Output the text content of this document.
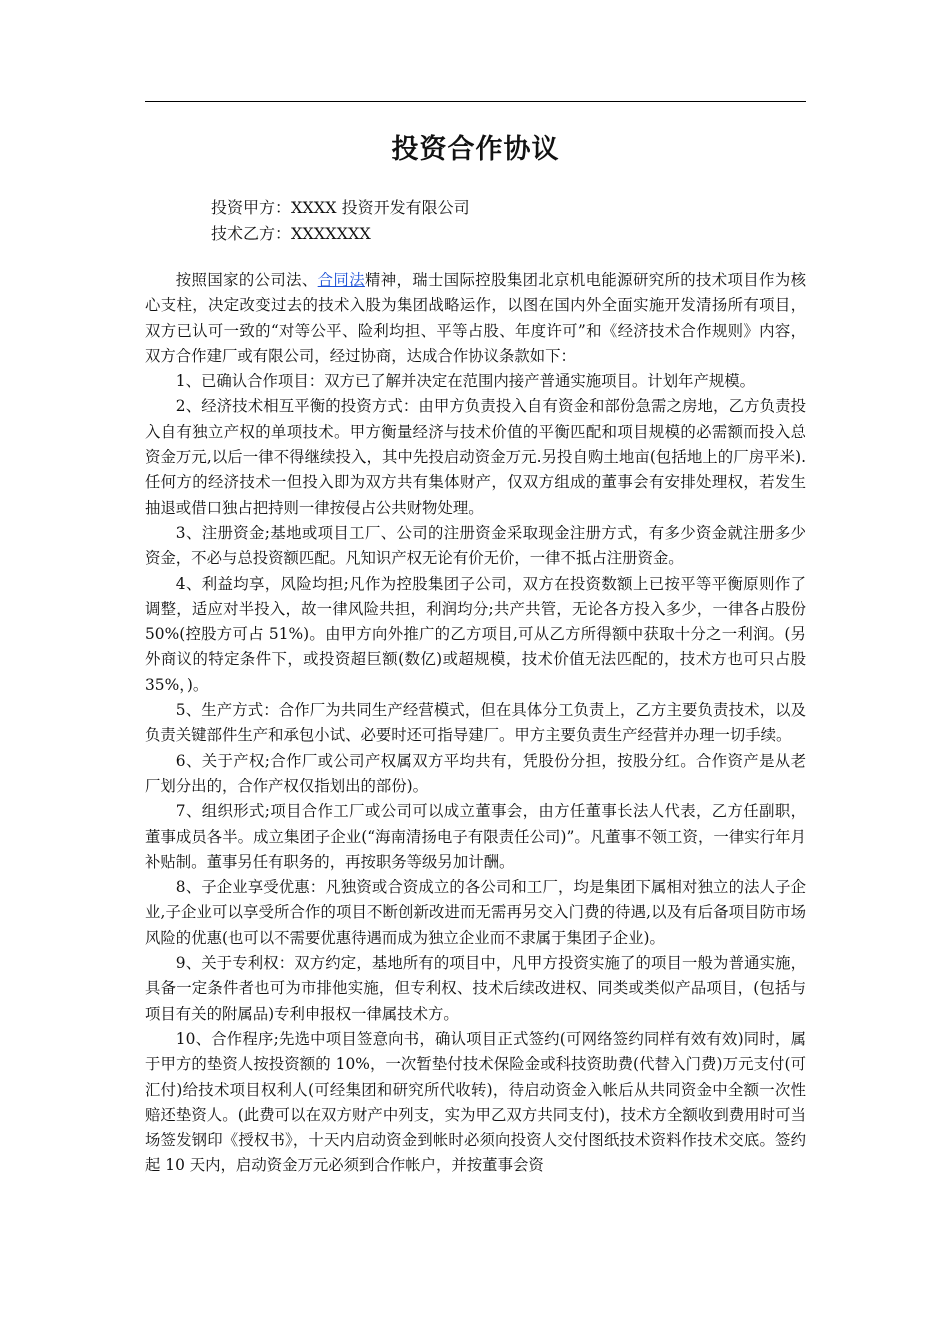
投资合作协议
投资甲方：XXXX 投资开发有限公司
技术乙方：XXXXXXX

按照国家的公司法、合同法精神，瑞士国际控股集团北京机电能源研究所的技术项目作为核心支柱，决定改变过去的技术入股为集团战略运作，以图在国内外全面实施开发清扬所有项目，双方已认可一致的“对等公平、险利均担、平等占股、年度许可”和《经济技术合作规则》内容，双方合作建厂或有限公司，经过协商，达成合作协议条款如下：

1、已确认合作项目：双方已了解并决定在范围内接产普通实施项目。计划年产规模。

2、经济技术相互平衡的投资方式：由甲方负责投入自有资金和部份急需之房地，乙方负责投入自有独立产权的单项技术。甲方衡量经济与技术价值的平衡匹配和项目规模的必需额而投入总资金万元,以后一律不得继续投入，其中先投启动资金万元.另投自购土地亩(包括地上的厂房平米).任何方的经济技术一但投入即为双方共有集体财产，仅双方组成的董事会有安排处理权，若发生抽退或借口独占把持则一律按侵占公共财物处理。

3、注册资金;基地或项目工厂、公司的注册资金采取现金注册方式，有多少资金就注册多少资金，不必与总投资额匹配。凡知识产权无论有价无价，一律不抵占注册资金。

4、利益均享，风险均担;凡作为控股集团子公司，双方在投资数额上已按平等平衡原则作了调整，适应对半投入，故一律风险共担，利润均分;共产共管，无论各方投入多少，一律各占股份 50%(控股方可占 51%)。由甲方向外推广的乙方项目,可从乙方所得额中获取十分之一利润。(另外商议的特定条件下，或投资超巨额(数亿)或超规模，技术价值无法匹配的，技术方也可只占股 35%，)。

5、生产方式：合作厂为共同生产经营模式，但在具体分工负责上，乙方主要负责技术，以及负责关键部件生产和承包小试、必要时还可指导建厂。甲方主要负责生产经营并办理一切手续。

6、关于产权;合作厂或公司产权属双方平均共有，凭股份分担，按股分红。合作资产是从老厂划分出的，合作产权仅指划出的部份)。

7、组织形式;项目合作工厂或公司可以成立董事会，由方任董事长法人代表，乙方任副职，董事成员各半。成立集团子企业(“海南清扬电子有限责任公司)”。凡董事不领工资，一律实行年月补贴制。董事另任有职务的，再按职务等级另加计酬。

8、子企业享受优惠：凡独资或合资成立的各公司和工厂，均是集团下属相对独立的法人子企业,子企业可以享受所合作的项目不断创新改进而无需再另交入门费的待遇,以及有后备项目防市场风险的优惠(也可以不需要优惠待遇而成为独立企业而不隶属于集团子企业)。

9、关于专利权：双方约定，基地所有的项目中，凡甲方投资实施了的项目一般为普通实施，具备一定条件者也可为市排他实施，但专利权、技术后续改进权、同类或类似产品项目，(包括与项目有关的附属品)专利申报权一律属技术方。

10、合作程序;先选中项目签意向书，确认项目正式签约(可网络签约同样有效有效)同时，属于甲方的垫资人按投资额的 10%，一次暂垫付技术保险金或科技资助费(代替入门费)万元支付(可汇付)给技术项目权利人(可经集团和研究所代收转)，待启动资金入帐后从共同资金中全额一次性赔还垫资人。(此费可以在双方财产中列支，实为甲乙双方共同支付)，技术方全额收到费用时可当场签发钢印《授权书》，十天内启动资金到帐时必须向投资人交付图纸技术资料作技术交底。签约起 10 天内，启动资金万元必须到合作帐户，并按董事会资
